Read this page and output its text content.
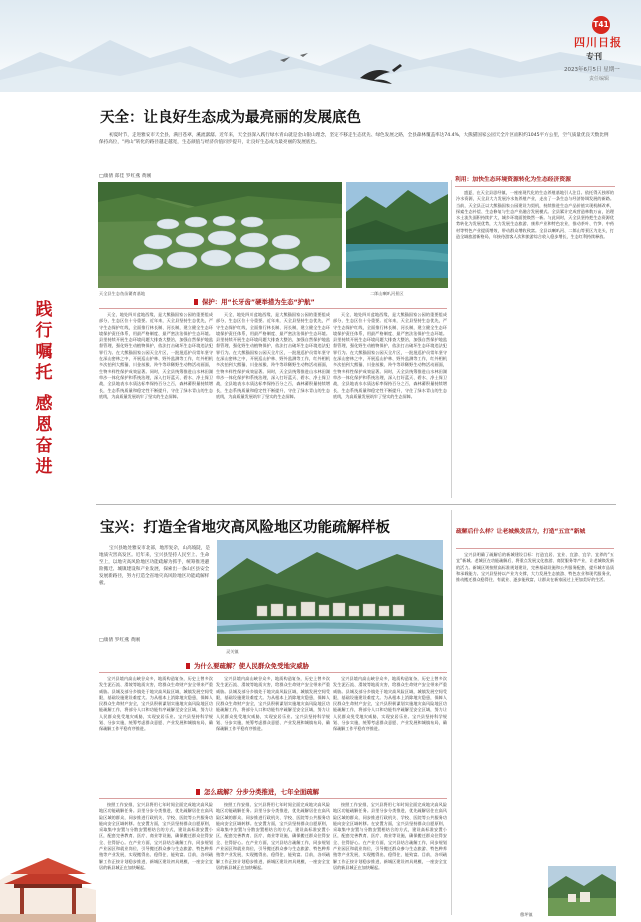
T41
四川日报
专刊
2023年6月5日 星期一
责任编辑
践
行
嘱
托
感
恩
奋
进
天全：让良好生态成为最亮丽的发展底色
初夏时节，走进雅安市天全县，满目苍翠，溪流潺潺。近年来，天全县深入践行绿水青山就是金山银山理念，坚定不移走生态优先、绿色发展之路，全县森林覆盖率达74.4%，大熊猫国家公园天全片区面积约1045平方公里，空气质量优良天数比例保持高位，“两山”转化的路径越走越宽，生态颜值与经济价值同步提升，让良好生态成为最亮丽的发展底色。
□康倩 郑佳 罗红燕 黄刚
天全县生态鱼苗繁育基地	二郎山喇叭河景区
利用：加快生态环境资源转化为生态经济资源

盛夏，在天全县思经镇，一座座现代化的生态养殖基地引人注目。依托得天独厚的冷水资源，天全县大力发展冷水鱼养殖产业，走出了一条生态与经济协调发展的新路。当前，天全县正以大熊猫国家公园建设为契机，持续推进生态产品价值实现机制改革，探索生态补偿、生态修复与生态产业融合发展模式。全县累计完成营造林数万亩，治理水土流失面积持续扩大，城乡环境面貌焕然一新。与此同时，天全县坚持把生态资源优势转化为发展优势，大力发展生态旅游、康养产业和特色农业，推动茶叶、竹笋、中药材等特色产业提质增效，带动群众增收致富。全县以喇叭河、二郎山等景区为龙头，打造全域旅游新格局，年接待游客人次和旅游综合收入稳步增长，生态红利持续释放。

保护：用“长牙齿”硬举措为生态“护航”

天全，地处四川盆地西缘，是大熊猫国家公园的重要组成部分，生态区位十分重要。近年来，天全县坚持生态优先，严守生态保护红线，全面推行林长制、河长制，建立健全生态环境保护责任体系，用最严格制度、最严密法治保护生态环境。县里持续开展生态环境问题大排查大整治，加强自然保护地监督管理，强化野生动植物保护，依法打击破坏生态环境违法犯罪行为。在大熊猫国家公园天全片区，一批批巡护员常年坚守在深山密林之中，开展巡山护林、野外监测等工作，红外相机多次拍到大熊猫、川金丝猴、羚牛等珍稀野生动物活动画面，生物多样性保护成效显著。同时，天全县统筹推进山水林田湖草沙一体化保护和系统治理，深入打好蓝天、碧水、净土保卫战，全县地表水水质达标率保持百分之百，森林蓄积量持续增长，生态系统质量和稳定性不断提升，守住了绿水青山的生态底线，为高质量发展筑牢了坚实的生态屏障。

天全，地处四川盆地西缘，是大熊猫国家公园的重要组成部分，生态区位十分重要。近年来，天全县坚持生态优先，严守生态保护红线，全面推行林长制、河长制，建立健全生态环境保护责任体系，用最严格制度、最严密法治保护生态环境。县里持续开展生态环境问题大排查大整治，加强自然保护地监督管理，强化野生动植物保护，依法打击破坏生态环境违法犯罪行为。在大熊猫国家公园天全片区，一批批巡护员常年坚守在深山密林之中，开展巡山护林、野外监测等工作，红外相机多次拍到大熊猫、川金丝猴、羚牛等珍稀野生动物活动画面，生物多样性保护成效显著。同时，天全县统筹推进山水林田湖草沙一体化保护和系统治理，深入打好蓝天、碧水、净土保卫战，全县地表水水质达标率保持百分之百，森林蓄积量持续增长，生态系统质量和稳定性不断提升，守住了绿水青山的生态底线，为高质量发展筑牢了坚实的生态屏障。

天全，地处四川盆地西缘，是大熊猫国家公园的重要组成部分，生态区位十分重要。近年来，天全县坚持生态优先，严守生态保护红线，全面推行林长制、河长制，建立健全生态环境保护责任体系，用最严格制度、最严密法治保护生态环境。县里持续开展生态环境问题大排查大整治，加强自然保护地监督管理，强化野生动植物保护，依法打击破坏生态环境违法犯罪行为。在大熊猫国家公园天全片区，一批批巡护员常年坚守在深山密林之中，开展巡山护林、野外监测等工作，红外相机多次拍到大熊猫、川金丝猴、羚牛等珍稀野生动物活动画面，生物多样性保护成效显著。同时，天全县统筹推进山水林田湖草沙一体化保护和系统治理，深入打好蓝天、碧水、净土保卫战，全县地表水水质达标率保持百分之百，森林蓄积量持续增长，生态系统质量和稳定性不断提升，守住了绿水青山的生态底线，为高质量发展筑牢了坚实的生态屏障。

宝兴：打造全省地灾高风险地区功能疏解样板
宝兴县地处雅安市北部，地形复杂，山高坡陡，是地质灾害高发区。近年来，宝兴县坚持人民至上、生命至上，以地灾高风险地区功能疏解为抓手，统筹推进避险搬迁、城镇建设和产业发展，探索出一条山区县安全发展新路径，努力打造全省地灾高风险地区功能疏解样板。
□康倩 罗红燕 黄刚
灵关镇
疏解后什么样？让老城焕发活力，打造“五宜”新城

宝兴县明确了疏解后的新城建设目标：打造宜居、宜业、宜游、宜学、宜养的“五宜”新城。老城区在功能疏解后，将重点发展文化旅游、商贸服务等产业，让老城焕发新的活力。新城区则按照高标准规划建设，完善基础设施和公共服务配套，提升城市品质和承载能力。宝兴县坚持以产业为支撑，大力发展生态旅游、特色农业和现代服务业，推动搬迁群众稳得住、有就业、逐步能致富，让群众在新家园过上更加美好的生活。

穆坪镇
为什么要疏解？使人民群众免受地灾威胁

宝兴县境内高山峡谷众多，地质构造复杂，历史上曾多次发生泥石流、滑坡等地质灾害，给群众生命财产安全带来严重威胁。县城及部分乡镇处于地灾高风险区域，城镇发展空间受限，基础设施建设难度大。为从根本上消除地灾隐患，保障人民群众生命财产安全，宝兴县积极谋划实施地灾高风险地区功能疏解工作，将部分人口和功能有序疏解至安全区域，努力让人民群众免受地灾威胁，实现安居乐业。宝兴县坚持科学规划、分步实施，统筹考虑群众意愿、产业发展和城镇布局，确保疏解工作平稳有序推进。

宝兴县境内高山峡谷众多，地质构造复杂，历史上曾多次发生泥石流、滑坡等地质灾害，给群众生命财产安全带来严重威胁。县城及部分乡镇处于地灾高风险区域，城镇发展空间受限，基础设施建设难度大。为从根本上消除地灾隐患，保障人民群众生命财产安全，宝兴县积极谋划实施地灾高风险地区功能疏解工作，将部分人口和功能有序疏解至安全区域，努力让人民群众免受地灾威胁，实现安居乐业。宝兴县坚持科学规划、分步实施，统筹考虑群众意愿、产业发展和城镇布局，确保疏解工作平稳有序推进。

宝兴县境内高山峡谷众多，地质构造复杂，历史上曾多次发生泥石流、滑坡等地质灾害，给群众生命财产安全带来严重威胁。县城及部分乡镇处于地灾高风险区域，城镇发展空间受限，基础设施建设难度大。为从根本上消除地灾隐患，保障人民群众生命财产安全，宝兴县积极谋划实施地灾高风险地区功能疏解工作，将部分人口和功能有序疏解至安全区域，努力让人民群众免受地灾威胁，实现安居乐业。宝兴县坚持科学规划、分步实施，统筹考虑群众意愿、产业发展和城镇布局，确保疏解工作平稳有序推进。

怎么疏解？分步分类推进，七年全面疏解

按照工作安排，宝兴县将用七年时间全面完成地灾高风险地区功能疏解任务。县里分步分类推进，优先疏解居住在高风险区域的群众，同步推进行政机关、学校、医院等公共服务功能向安全区域转移。在安置方面，宝兴县坚持群众自愿原则，采取集中安置与分散安置相结合的方式，建设高标准安置小区，配套完善教育、医疗、商业等设施，确保搬迁群众住得安全、住得舒心。在产业方面，宝兴县结合疏解工作，同步规划产业园区和就业岗位，引导搬迁群众参与生态旅游、特色种养殖等产业发展，实现搬得出、稳得住、能致富。目前，各项疏解工作正按计划稳步推进，新城区建设初具规模，一座安全宜居的新县城正在加快崛起。

按照工作安排，宝兴县将用七年时间全面完成地灾高风险地区功能疏解任务。县里分步分类推进，优先疏解居住在高风险区域的群众，同步推进行政机关、学校、医院等公共服务功能向安全区域转移。在安置方面，宝兴县坚持群众自愿原则，采取集中安置与分散安置相结合的方式，建设高标准安置小区，配套完善教育、医疗、商业等设施，确保搬迁群众住得安全、住得舒心。在产业方面，宝兴县结合疏解工作，同步规划产业园区和就业岗位，引导搬迁群众参与生态旅游、特色种养殖等产业发展，实现搬得出、稳得住、能致富。目前，各项疏解工作正按计划稳步推进，新城区建设初具规模，一座安全宜居的新县城正在加快崛起。

按照工作安排，宝兴县将用七年时间全面完成地灾高风险地区功能疏解任务。县里分步分类推进，优先疏解居住在高风险区域的群众，同步推进行政机关、学校、医院等公共服务功能向安全区域转移。在安置方面，宝兴县坚持群众自愿原则，采取集中安置与分散安置相结合的方式，建设高标准安置小区，配套完善教育、医疗、商业等设施，确保搬迁群众住得安全、住得舒心。在产业方面，宝兴县结合疏解工作，同步规划产业园区和就业岗位，引导搬迁群众参与生态旅游、特色种养殖等产业发展，实现搬得出、稳得住、能致富。目前，各项疏解工作正按计划稳步推进，新城区建设初具规模，一座安全宜居的新县城正在加快崛起。
